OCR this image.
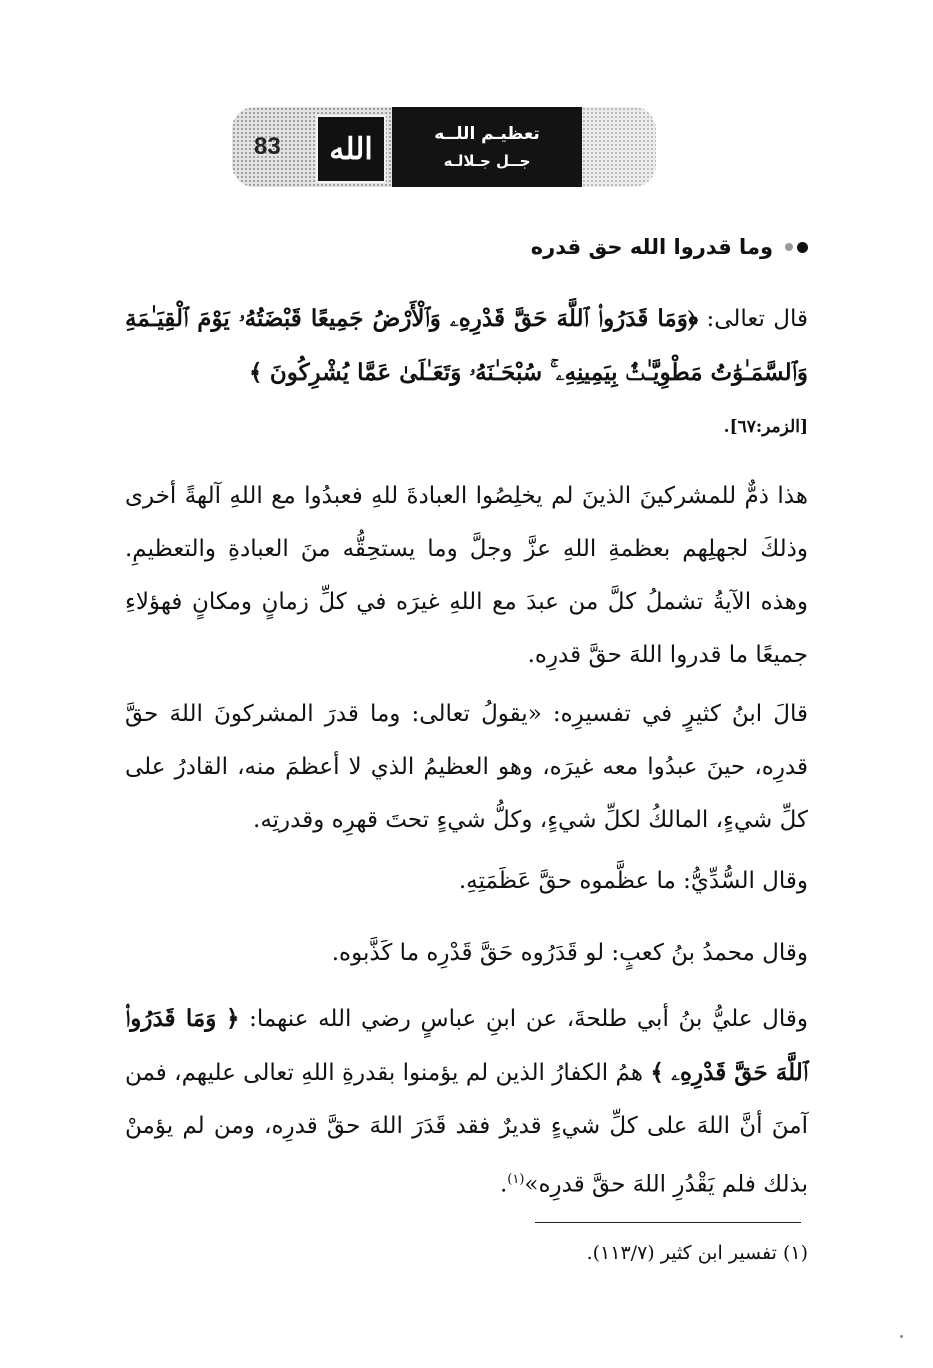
83 الله	تعظيـم اللــه
جــل جـلالـه
وما قدروا الله حق قدره

قال تعالى: ﴿وَمَا قَدَرُوا۟ ٱللَّهَ حَقَّ قَدْرِهِۦ وَٱلْأَرْضُ جَمِيعًا قَبْضَتُهُۥ يَوْمَ ٱلْقِيَـٰمَةِ وَٱلسَّمَـٰوَٰتُ مَطْوِيَّـٰتٌۢ بِيَمِينِهِۦ ۚ سُبْحَـٰنَهُۥ وَتَعَـٰلَىٰ عَمَّا يُشْرِكُونَ ﴾

[الزمر:٦٧].

هذا ذمٌّ للمشركينَ الذينَ لم يخلِصُوا العبادةَ للهِ فعبدُوا مع اللهِ آلهةً أخرى وذلكَ لجهلِهم بعظمةِ اللهِ عزَّ وجلَّ وما يستحِقُّه منَ العبادةِ والتعظيمِ. وهذه الآيةُ تشملُ كلَّ من عبدَ مع اللهِ غيرَه في كلِّ زمانٍ ومكانٍ فهؤلاءِ جميعًا ما قدروا اللهَ حقَّ قدرِه.

قالَ ابنُ كثيرٍ في تفسيرِه: «يقولُ تعالى: وما قدرَ المشركونَ اللهَ حقَّ قدرِه، حينَ عبدُوا معه غيرَه، وهو العظيمُ الذي لا أعظمَ منه، القادرُ على كلِّ شيءٍ، المالكُ لكلِّ شيءٍ، وكلُّ شيءٍ تحتَ قهرِه وقدرتِه.

وقال السُّدِّيُّ: ما عظَّموه حقَّ عَظَمَتِهِ.

وقال محمدُ بنُ كعبٍ: لو قَدَرُوه حَقَّ قَدْرِه ما كَذَّبوه.

وقال عليُّ بنُ أبي طلحةَ، عن ابنِ عباسٍ رضي الله عنهما: ﴿ وَمَا قَدَرُوا۟ ٱللَّهَ حَقَّ قَدْرِهِۦ ﴾ همُ الكفارُ الذين لم يؤمنوا بقدرةِ اللهِ تعالى عليهم، فمن آمنَ أنَّ اللهَ على كلِّ شيءٍ قديرٌ فقد قَدَرَ اللهَ حقَّ قدرِه، ومن لم يؤمنْ بذلك فلم يَقْدُرِ اللهَ حقَّ قدرِه»$^{(١)}$.

(١) تفسير ابن كثير (١١٣/٧).
